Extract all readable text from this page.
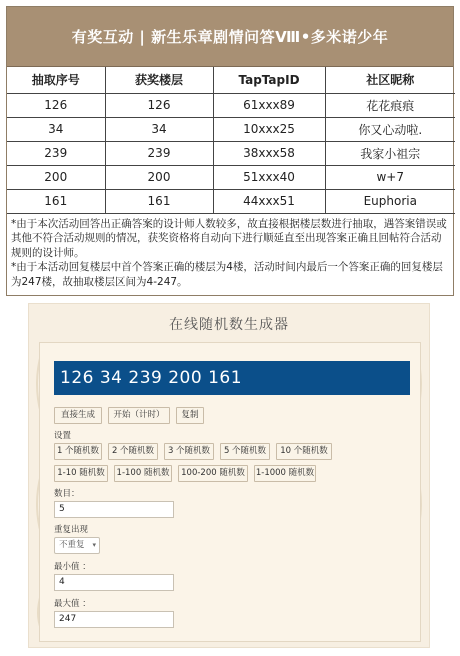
有奖互动 | 新生乐章剧情问答Ⅷ•多米诺少年
抽取序号	获奖楼层	TapTapID	社区昵称
126	126	61xxx89	花花痕痕
34	34	10xxx25	你又心动啦.
239	239	38xxx58	我家小祖宗
200	200	51xxx40	w+7
161	161	44xxx51	Euphoria

*由于本次活动回答出正确答案的设计师人数较多，故直接根据楼层数进行抽取，遇答案错误或其他不符合活动规则的情况，获奖资格将自动向下进行顺延直至出现答案正确且回帖符合活动规则的设计师。

*由于本活动回复楼层中首个答案正确的楼层为4楼，活动时间内最后一个答案正确的回复楼层为247楼，故抽取楼层区间为4-247。

在线随机数生成器
126 34 239 200 161
直接生成	开始（计时）	复制
设置
1 个随机数	2 个随机数	3 个随机数	5 个随机数	10 个随机数
1-10 随机数	1-100 随机数	100-200 随机数	1-1000 随机数
数目：
5
重复出现
不重复 ▾
最小值 ：
4
最大值 ：
247
